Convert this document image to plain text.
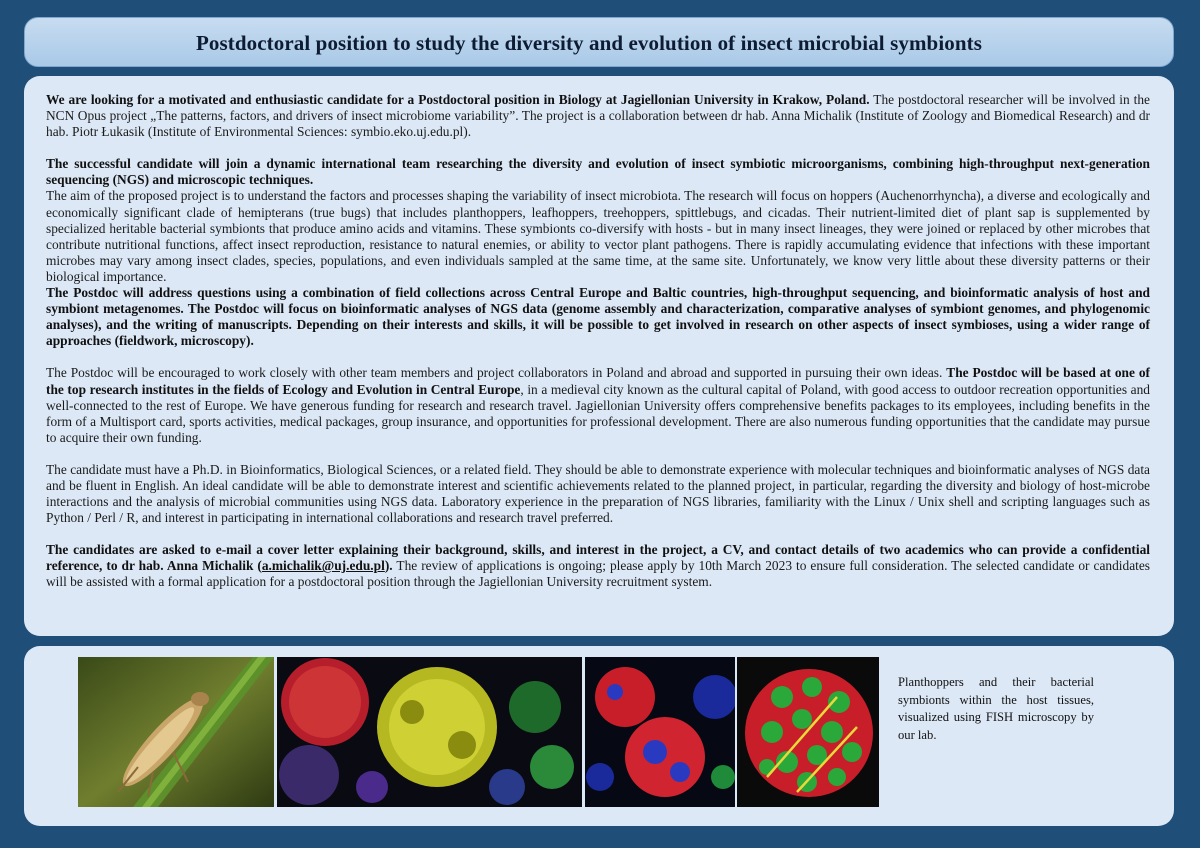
Postdoctoral position to study the diversity and evolution of insect microbial symbionts

We are looking for a motivated and enthusiastic candidate for a Postdoctoral position in Biology at Jagiellonian University in Krakow, Poland. The postdoctoral researcher will be involved in the NCN Opus project „The patterns, factors, and drivers of insect microbiome variability”. The project is a collaboration between dr hab. Anna Michalik (Institute of Zoology and Biomedical Research) and dr hab. Piotr Łukasik (Institute of Environmental Sciences: symbio.eko.uj.edu.pl).

The successful candidate will join a dynamic international team researching the diversity and evolution of insect symbiotic microorganisms, combining high-throughput next-generation sequencing (NGS) and microscopic techniques.

The aim of the proposed project is to understand the factors and processes shaping the variability of insect microbiota. The research will focus on hoppers (Auchenorrhyncha), a diverse and ecologically and economically significant clade of hemipterans (true bugs) that includes planthoppers, leafhoppers, treehoppers, spittlebugs, and cicadas. Their nutrient-limited diet of plant sap is supplemented by specialized heritable bacterial symbionts that produce amino acids and vitamins. These symbionts co-diversify with hosts - but in many insect lineages, they were joined or replaced by other microbes that contribute nutritional functions, affect insect reproduction, resistance to natural enemies, or ability to vector plant pathogens. There is rapidly accumulating evidence that infections with these important microbes may vary among insect clades, species, populations, and even individuals sampled at the same time, at the same site. Unfortunately, we know very little about these diversity patterns or their biological importance.

The Postdoc will address questions using a combination of field collections across Central Europe and Baltic countries, high-throughput sequencing, and bioinformatic analysis of host and symbiont metagenomes. The Postdoc will focus on bioinformatic analyses of NGS data (genome assembly and characterization, comparative analyses of symbiont genomes, and phylogenomic analyses), and the writing of manuscripts. Depending on their interests and skills, it will be possible to get involved in research on other aspects of insect symbioses, using a wider range of approaches (fieldwork, microscopy).

The Postdoc will be encouraged to work closely with other team members and project collaborators in Poland and abroad and supported in pursuing their own ideas. The Postdoc will be based at one of the top research institutes in the fields of Ecology and Evolution in Central Europe, in a medieval city known as the cultural capital of Poland, with good access to outdoor recreation opportunities and well-connected to the rest of Europe. We have generous funding for research and research travel. Jagiellonian University offers comprehensive benefits packages to its employees, including benefits in the form of a Multisport card, sports activities, medical packages, group insurance, and opportunities for professional development. There are also numerous funding opportunities that the candidate may pursue to acquire their own funding.

The candidate must have a Ph.D. in Bioinformatics, Biological Sciences, or a related field. They should be able to demonstrate experience with molecular techniques and bioinformatic analyses of NGS data and be fluent in English. An ideal candidate will be able to demonstrate interest and scientific achievements related to the planned project, in particular, regarding the diversity and biology of host-microbe interactions and the analysis of microbial communities using NGS data. Laboratory experience in the preparation of NGS libraries, familiarity with the Linux / Unix shell and scripting languages such as Python / Perl / R, and interest in participating in international collaborations and research travel preferred.

The candidates are asked to e-mail a cover letter explaining their background, skills, and interest in the project, a CV, and contact details of two academics who can provide a confidential reference, to dr hab. Anna Michalik (a.michalik@uj.edu.pl). The review of applications is ongoing; please apply by 10th March 2023 to ensure full consideration. The selected candidate or candidates will be assisted with a formal application for a postdoctoral position through the Jagiellonian University recruitment system.

Planthoppers and their bacterial symbionts within the host tissues, visualized using FISH microscopy by our lab.
